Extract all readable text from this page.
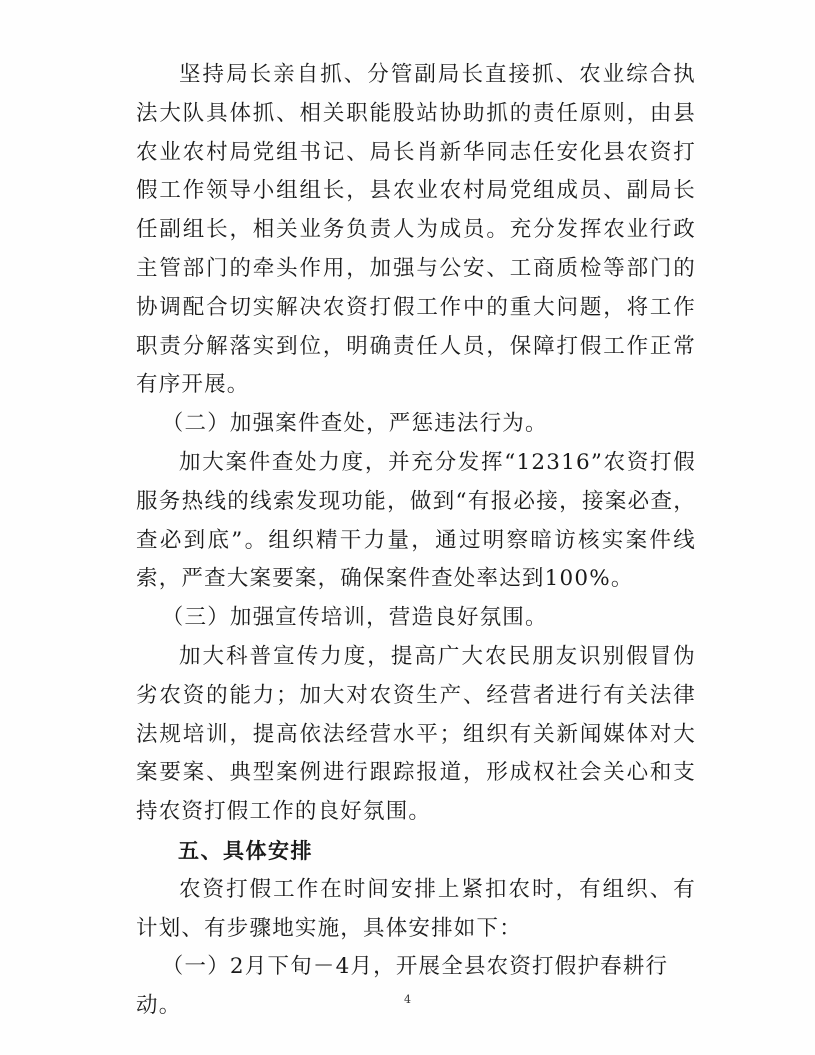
坚持局长亲自抓、分管副局长直接抓、农业综合执法大队具体抓、相关职能股站协助抓的责任原则，由县农业农村局党组书记、局长肖新华同志任安化县农资打假工作领导小组组长，县农业农村局党组成员、副局长任副组长，相关业务负责人为成员。充分发挥农业行政主管部门的牵头作用，加强与公安、工商质检等部门的协调配合切实解决农资打假工作中的重大问题，将工作职责分解落实到位，明确责任人员，保障打假工作正常有序开展。

（二）加强案件查处，严惩违法行为。

加大案件查处力度，并充分发挥“12316”农资打假服务热线的线索发现功能，做到“有报必接，接案必查，查必到底”。组织精干力量，通过明察暗访核实案件线索，严查大案要案，确保案件查处率达到100%。

（三）加强宣传培训，营造良好氛围。

加大科普宣传力度，提高广大农民朋友识别假冒伪劣农资的能力；加大对农资生产、经营者进行有关法律法规培训，提高依法经营水平；组织有关新闻媒体对大案要案、典型案例进行跟踪报道，形成权社会关心和支持农资打假工作的良好氛围。

五、具体安排

农资打假工作在时间安排上紧扣农时，有组织、有计划、有步骤地实施，具体安排如下：

（一）2月下旬－4月，开展全县农资打假护春耕行动。	4
